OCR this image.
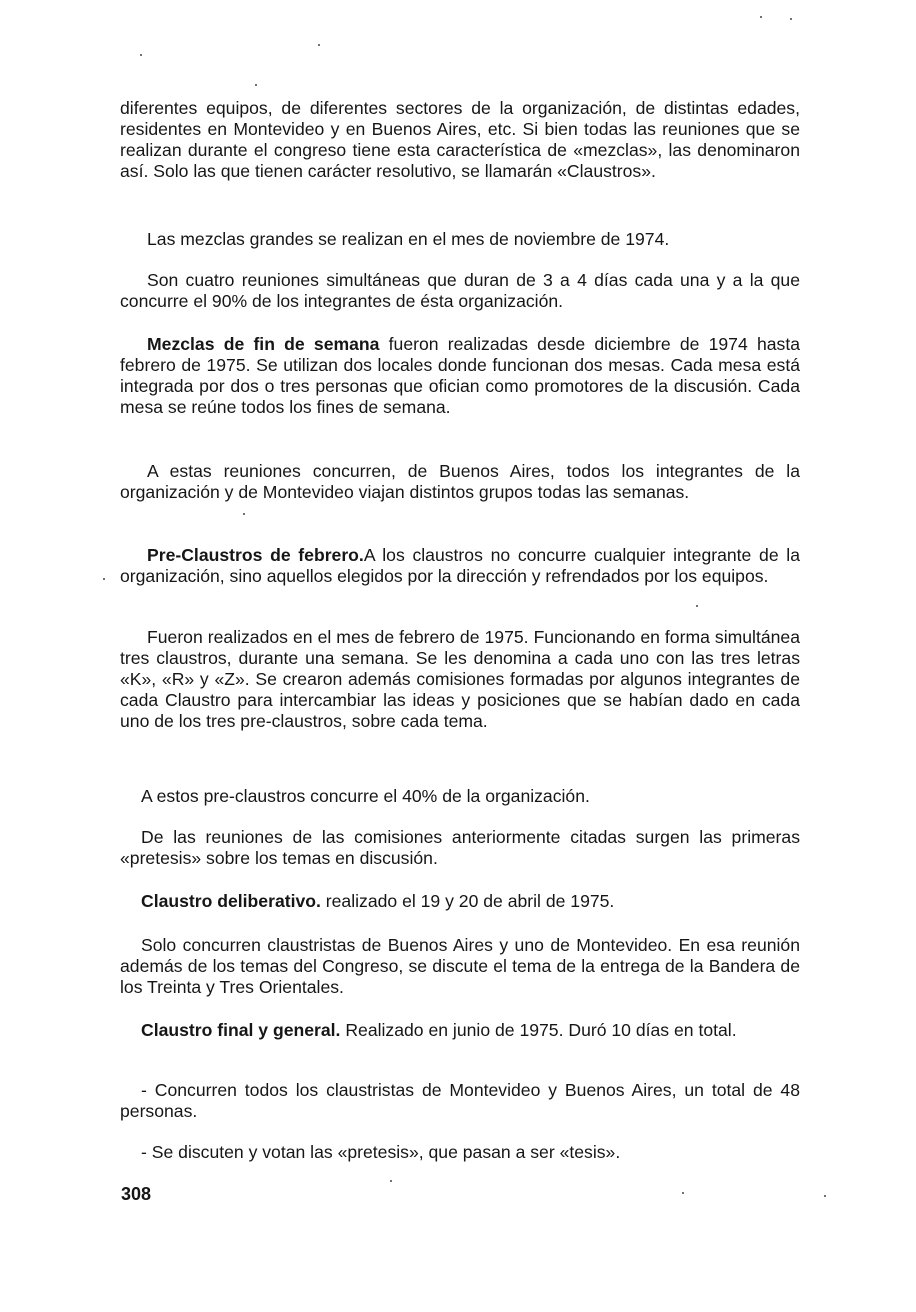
diferentes equipos, de diferentes sectores de la organización, de distintas edades, residentes en Montevideo y en Buenos Aires, etc. Si bien todas las reuniones que se realizan durante el congreso tiene esta característica de «mezclas», las denominaron así. Solo las que tienen carácter resolutivo, se llamarán «Claustros».

Las mezclas grandes se realizan en el mes de noviembre de 1974.

Son cuatro reuniones simultáneas que duran de 3 a 4 días cada una y a la que concurre el 90% de los integrantes de ésta organización.

Mezclas de fin de semana fueron realizadas desde diciembre de 1974 hasta febrero de 1975. Se utilizan dos locales donde funcionan dos mesas. Cada mesa está integrada por dos o tres personas que ofician como promotores de la discusión. Cada mesa se reúne todos los fines de semana.

A estas reuniones concurren, de Buenos Aires, todos los integrantes de la organización y de Montevideo viajan distintos grupos todas las semanas.

Pre-Claustros de febrero.A los claustros no concurre cualquier integrante de la organización, sino aquellos elegidos por la dirección y refrendados por los equipos.

Fueron realizados en el mes de febrero de 1975. Funcionando en forma simultánea tres claustros, durante una semana. Se les denomina a cada uno con las tres letras «K», «R» y «Z». Se crearon además comisiones formadas por algunos integrantes de cada Claustro para intercambiar las ideas y posiciones que se habían dado en cada uno de los tres pre-claustros, sobre cada tema.

A estos pre-claustros concurre el 40% de la organización.

De las reuniones de las comisiones anteriormente citadas surgen las primeras «pretesis» sobre los temas en discusión.

Claustro deliberativo. realizado el 19 y 20 de abril de 1975.

Solo concurren claustristas de Buenos Aires y uno de Montevideo. En esa reunión además de los temas del Congreso, se discute el tema de la entrega de la Bandera de los Treinta y Tres Orientales.

Claustro final y general. Realizado en junio de 1975. Duró 10 días en total.

- Concurren todos los claustristas de Montevideo y Buenos Aires, un total de 48 personas.

- Se discuten y votan las «pretesis», que pasan a ser «tesis».

308
